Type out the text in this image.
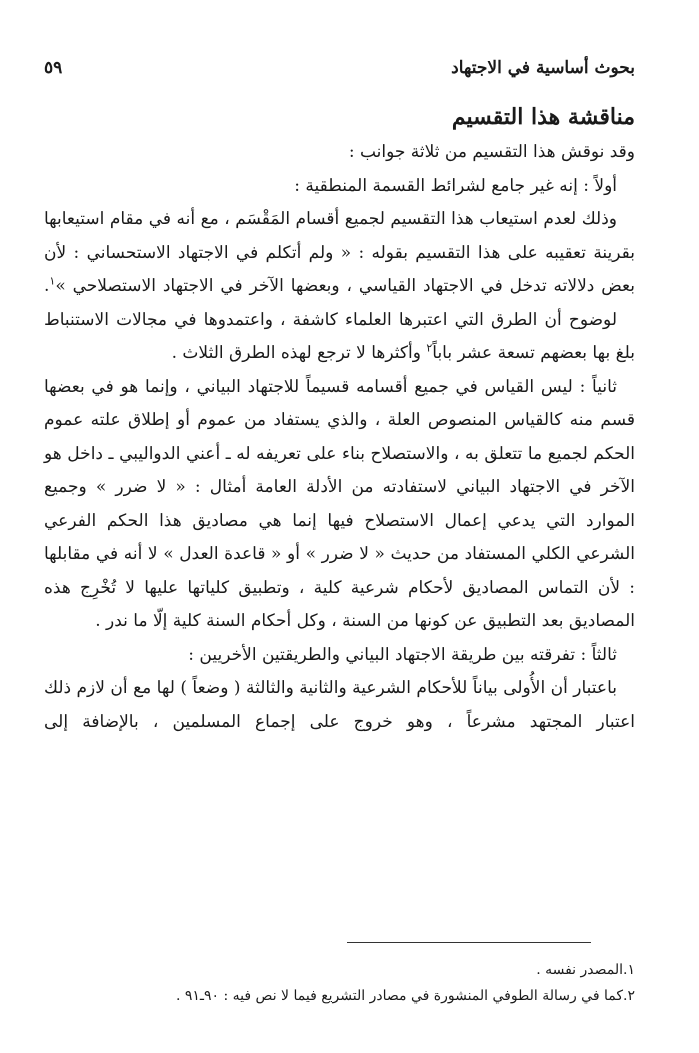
بحوث أساسية في الاجتهاد
٥٩
مناقشة هذا التقسيم

وقد نوقش هذا التقسيم من ثلاثة جوانب :

أولاً : إنه غير جامع لشرائط القسمة المنطقية :

وذلك لعدم استيعاب هذا التقسيم لجميع أقسام المَقْسَم ، مع أنه في مقام استيعابها بقرينة تعقيبه على هذا التقسيم بقوله : « ولم أتكلم في الاجتهاد الاستحساني : لأن بعض دلالاته تدخل في الاجتهاد القياسي ، وبعضها الآخر في الاجتهاد الاستصلاحي »$^١$.

لوضوح أن الطرق التي اعتبرها العلماء كاشفة ، واعتمدوها في مجالات الاستنباط بلغ بها بعضهم تسعة عشر باباً$^٢$ وأكثرها لا ترجع لهذه الطرق الثلاث .

ثانياً : ليس القياس في جميع أقسامه قسيماً للاجتهاد البياني ، وإنما هو في بعضها قسم منه كالقياس المنصوص العلة ، والذي يستفاد من عموم أو إطلاق علته عموم الحكم لجميع ما تتعلق به ، والاستصلاح بناء على تعريفه له ـ أعني الدواليبي ـ داخل هو الآخر في الاجتهاد البياني لاستفادته من الأدلة العامة أمثال : « لا ضرر » وجميع الموارد التي يدعي إعمال الاستصلاح فيها إنما هي مصاديق هذا الحكم الفرعي الشرعي الكلي المستفاد من حديث « لا ضرر » أو « قاعدة العدل » لا أنه في مقابلها : لأن التماس المصاديق لأحكام شرعية كلية ، وتطبيق كلياتها عليها لا تُخْرِج هذه المصاديق بعد التطبيق عن كونها من السنة ، وكل أحكام السنة كلية إلّا ما ندر .

ثالثاً : تفرقته بين طريقة الاجتهاد البياني والطريقتين الأخريين :

باعتبار أن الأُولى بياناً للأحكام الشرعية والثانية والثالثة ( وضعاً ) لها مع أن لازم ذلك اعتبار المجتهد مشرعاً ، وهو خروج على إجماع المسلمين ، بالإضافة إلى

١.المصدر نفسه .
٢.كما في رسالة الطوفي المنشورة في مصادر التشريع فيما لا نص فيه : ٩٠ـ٩١ .
